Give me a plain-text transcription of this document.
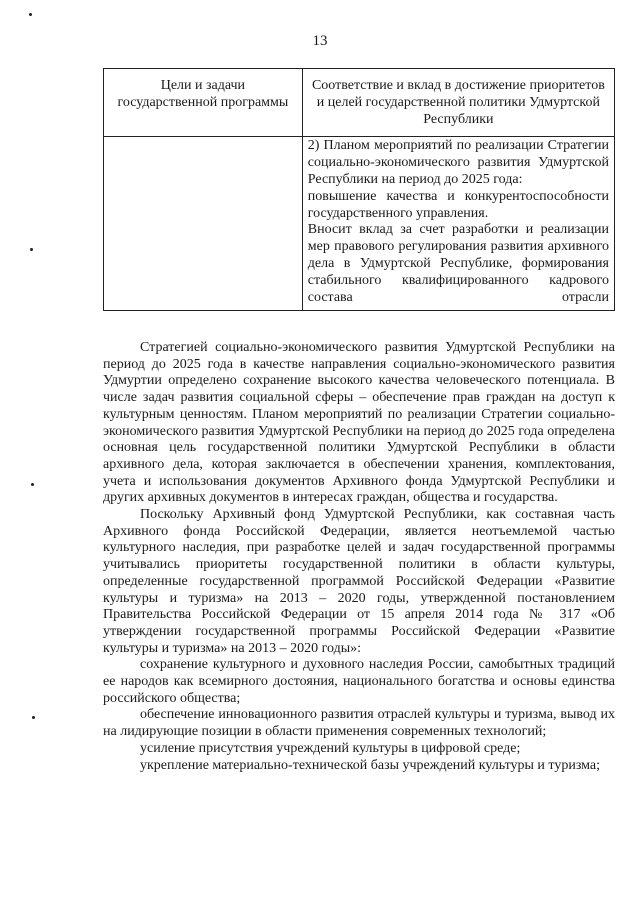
13
Цели и задачи государственной программы	Соответствие и вклад в достижение приоритетов и целей государственной политики Удмуртской Республики

	2) Планом мероприятий по реализации Стратегии социально-экономического развития Удмуртской Республики на период до 2025 года:

повышение качества и конкурентоспособности государственного управления.

Вносит вклад за счет разработки и реализации мер правового регулирования развития архивного дела в Удмуртской Республике, формирования стабильного квалифицированного кадрового состава отрасли

Стратегией социально-экономического развития Удмуртской Республики на период до 2025 года в качестве направления социально-экономического развития Удмуртии определено сохранение высокого качества человеческого потенциала. В числе задач развития социальной сферы – обеспечение прав граждан на доступ к культурным ценностям. Планом мероприятий по реализации Стратегии социально-экономического развития Удмуртской Республики на период до 2025 года определена основная цель государственной политики Удмуртской Республики в области архивного дела, которая заключается в обеспечении хранения, комплектования, учета и использования документов Архивного фонда Удмуртской Республики и других архивных документов в интересах граждан, общества и государства.

Поскольку Архивный фонд Удмуртской Республики, как составная часть Архивного фонда Российской Федерации, является неотъемлемой частью культурного наследия, при разработке целей и задач государственной программы учитывались приоритеты государственной политики в области культуры, определенные государственной программой Российской Федерации «Развитие культуры и туризма» на 2013 – 2020 годы, утвержденной постановлением Правительства Российской Федерации от 15 апреля 2014 года № 317 «Об утверждении государственной программы Российской Федерации «Развитие культуры и туризма» на 2013 – 2020 годы»:

сохранение культурного и духовного наследия России, самобытных традиций ее народов как всемирного достояния, национального богатства и основы единства российского общества;

обеспечение инновационного развития отраслей культуры и туризма, вывод их на лидирующие позиции в области применения современных технологий;

усиление присутствия учреждений культуры в цифровой среде;

укрепление материально-технической базы учреждений культуры и туризма;
